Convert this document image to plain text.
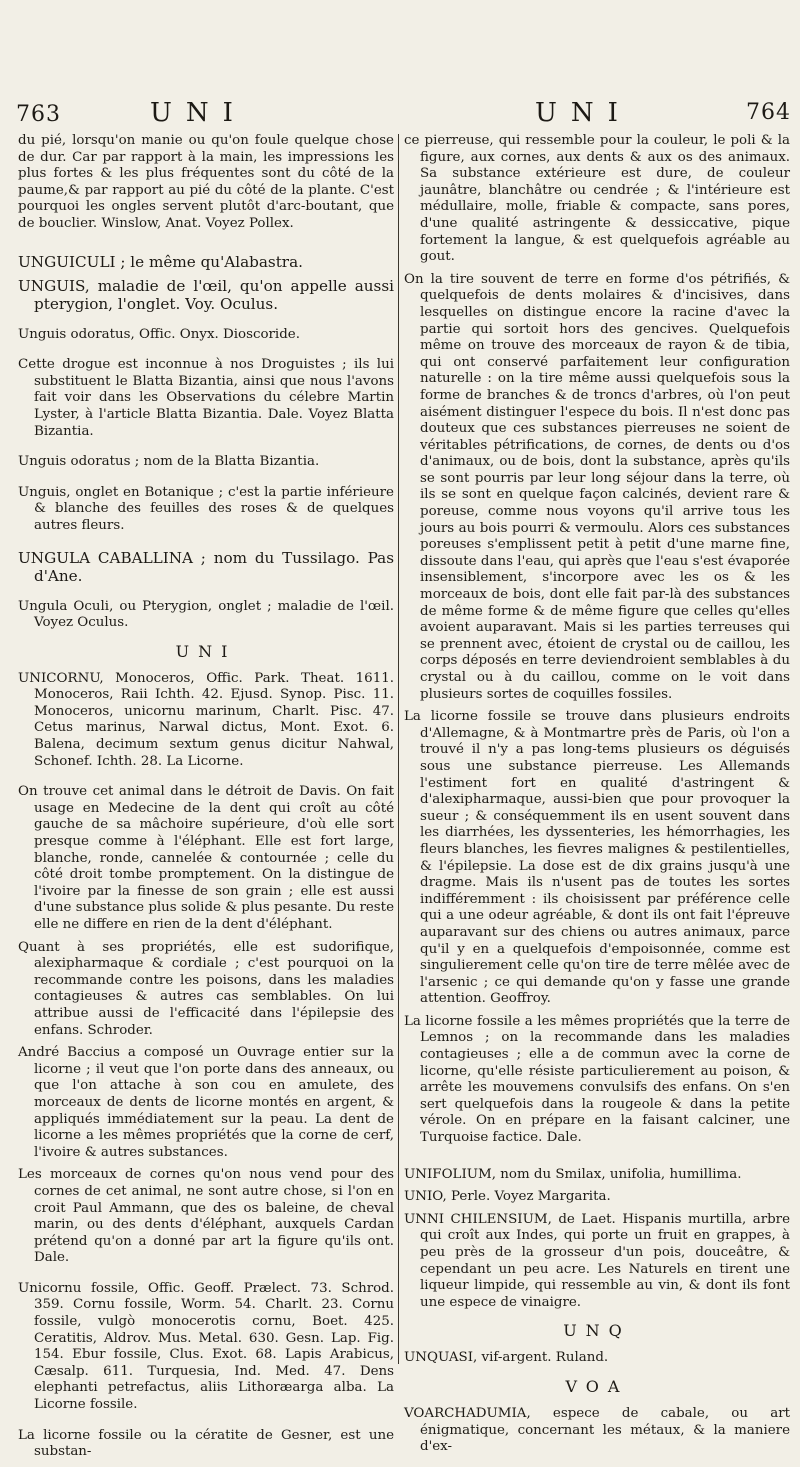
763	UNI	UNI	764

du pié, lorsqu'on manie ou qu'on foule quelque chose de dur. Car par rapport à la main, les impressions les plus fortes & les plus fréquentes sont du côté de la paume,& par rapport au pié du côté de la plante. C'est pourquoi les ongles servent plutôt d'arc-boutant, que de bouclier. Winslow, Anat. Voyez Pollex.

UNGUICULI ; le même qu'Alabastra.

UNGUIS, maladie de l'œil, qu'on appelle aussi pterygion, l'onglet. Voy. Oculus.

Unguis odoratus, Offic. Onyx. Dioscoride.

Cette drogue est inconnue à nos Droguistes ; ils lui substituent le Blatta Bizantia, ainsi que nous l'avons fait voir dans les Observations du célebre Martin Lyster, à l'article Blatta Bizantia. Dale. Voyez Blatta Bizantia.

Unguis odoratus ; nom de la Blatta Bizantia.

Unguis, onglet en Botanique ; c'est la partie inférieure & blanche des feuilles des roses & de quelques autres fleurs.

UNGULA CABALLINA ; nom du Tussilago. Pas d'Ane.

Ungula Oculi, ou Pterygion, onglet ; maladie de l'œil. Voyez Oculus.

UNI

UNICORNU, Monoceros, Offic. Park. Theat. 1611. Monoceros, Raii Ichth. 42. Ejusd. Synop. Pisc. 11. Monoceros, unicornu marinum, Charlt. Pisc. 47. Cetus marinus, Narwal dictus, Mont. Exot. 6. Balena, decimum sextum genus dicitur Nahwal, Schonef. Ichth. 28. La Licorne.

On trouve cet animal dans le détroit de Davis. On fait usage en Medecine de la dent qui croît au côté gauche de sa mâchoire supérieure, d'où elle sort presque comme à l'éléphant. Elle est fort large, blanche, ronde, cannelée & contournée ; celle du côté droit tombe promptement. On la distingue de l'ivoire par la finesse de son grain ; elle est aussi d'une substance plus solide & plus pesante. Du reste elle ne differe en rien de la dent d'éléphant.

Quant à ses propriétés, elle est sudorifique, alexipharmaque & cordiale ; c'est pourquoi on la recommande contre les poisons, dans les maladies contagieuses & autres cas semblables. On lui attribue aussi de l'efficacité dans l'épilepsie des enfans. Schroder.

André Baccius a composé un Ouvrage entier sur la licorne ; il veut que l'on porte dans des anneaux, ou que l'on attache à son cou en amulete, des morceaux de dents de licorne montés en argent, & appliqués immédiatement sur la peau. La dent de licorne a les mêmes propriétés que la corne de cerf, l'ivoire & autres substances.

Les morceaux de cornes qu'on nous vend pour des cornes de cet animal, ne sont autre chose, si l'on en croit Paul Ammann, que des os baleine, de cheval marin, ou des dents d'éléphant, auxquels Cardan prétend qu'on a donné par art la figure qu'ils ont. Dale.

Unicornu fossile, Offic. Geoff. Prælect. 73. Schrod. 359. Cornu fossile, Worm. 54. Charlt. 23. Cornu fossile, vulgò monocerotis cornu, Boet. 425. Ceratitis, Aldrov. Mus. Metal. 630. Gesn. Lap. Fig. 154. Ebur fossile, Clus. Exot. 68. Lapis Arabicus, Cæsalp. 611. Turquesia, Ind. Med. 47. Dens elephanti petrefactus, aliis Lithoræarga alba. La Licorne fossile.

La licorne fossile ou la cératite de Gesner, est une substan-

ce pierreuse, qui ressemble pour la couleur, le poli & la figure, aux cornes, aux dents & aux os des animaux. Sa substance extérieure est dure, de couleur jaunâtre, blanchâtre ou cendrée ; & l'intérieure est médullaire, molle, friable & compacte, sans pores, d'une qualité astringente & dessiccative, pique fortement la langue, & est quelquefois agréable au gout.

On la tire souvent de terre en forme d'os pétrifiés, & quelquefois de dents molaires & d'incisives, dans lesquelles on distingue encore la racine d'avec la partie qui sortoit hors des gencives. Quelquefois même on trouve des morceaux de rayon & de tibia, qui ont conservé parfaitement leur configuration naturelle : on la tire même aussi quelquefois sous la forme de branches & de troncs d'arbres, où l'on peut aisément distinguer l'espece du bois. Il n'est donc pas douteux que ces substances pierreuses ne soient de véritables pétrifications, de cornes, de dents ou d'os d'animaux, ou de bois, dont la substance, après qu'ils se sont pourris par leur long séjour dans la terre, où ils se sont en quelque façon calcinés, devient rare & poreuse, comme nous voyons qu'il arrive tous les jours au bois pourri & vermoulu. Alors ces substances poreuses s'emplissent petit à petit d'une marne fine, dissoute dans l'eau, qui après que l'eau s'est évaporée insensiblement, s'incorpore avec les os & les morceaux de bois, dont elle fait par-là des substances de même forme & de même figure que celles qu'elles avoient auparavant. Mais si les parties terreuses qui se prennent avec, étoient de crystal ou de caillou, les corps déposés en terre deviendroient semblables à du crystal ou à du caillou, comme on le voit dans plusieurs sortes de coquilles fossiles.

La licorne fossile se trouve dans plusieurs endroits d'Allemagne, & à Montmartre près de Paris, où l'on a trouvé il n'y a pas long-tems plusieurs os déguisés sous une substance pierreuse. Les Allemands l'estiment fort en qualité d'astringent & d'alexipharmaque, aussi-bien que pour provoquer la sueur ; & conséquemment ils en usent souvent dans les diarrhées, les dyssenteries, les hémorrhagies, les fleurs blanches, les fievres malignes & pestilentielles, & l'épilepsie. La dose est de dix grains jusqu'à une dragme. Mais ils n'usent pas de toutes les sortes indifféremment : ils choisissent par préférence celle qui a une odeur agréable, & dont ils ont fait l'épreuve auparavant sur des chiens ou autres animaux, parce qu'il y en a quelquefois d'empoisonnée, comme est singulierement celle qu'on tire de terre mêlée avec de l'arsenic ; ce qui demande qu'on y fasse une grande attention. Geoffroy.

La licorne fossile a les mêmes propriétés que la terre de Lemnos ; on la recommande dans les maladies contagieuses ; elle a de commun avec la corne de licorne, qu'elle résiste particulierement au poison, & arrête les mouvemens convulsifs des enfans. On s'en sert quelquefois dans la rougeole & dans la petite vérole. On en prépare en la faisant calciner, une Turquoise factice. Dale.

UNIFOLIUM, nom du Smilax, unifolia, humillima.

UNIO, Perle. Voyez Margarita.

UNNI CHILENSIUM, de Laet. Hispanis murtilla, arbre qui croît aux Indes, qui porte un fruit en grappes, à peu près de la grosseur d'un pois, douceâtre, & cependant un peu acre. Les Naturels en tirent une liqueur limpide, qui ressemble au vin, & dont ils font une espece de vinaigre.

UNQ

UNQUASI, vif-argent. Ruland.

VOA

VOARCHADUMIA, espece de cabale, ou art énigmatique, concernant les métaux, & la maniere d'ex-
